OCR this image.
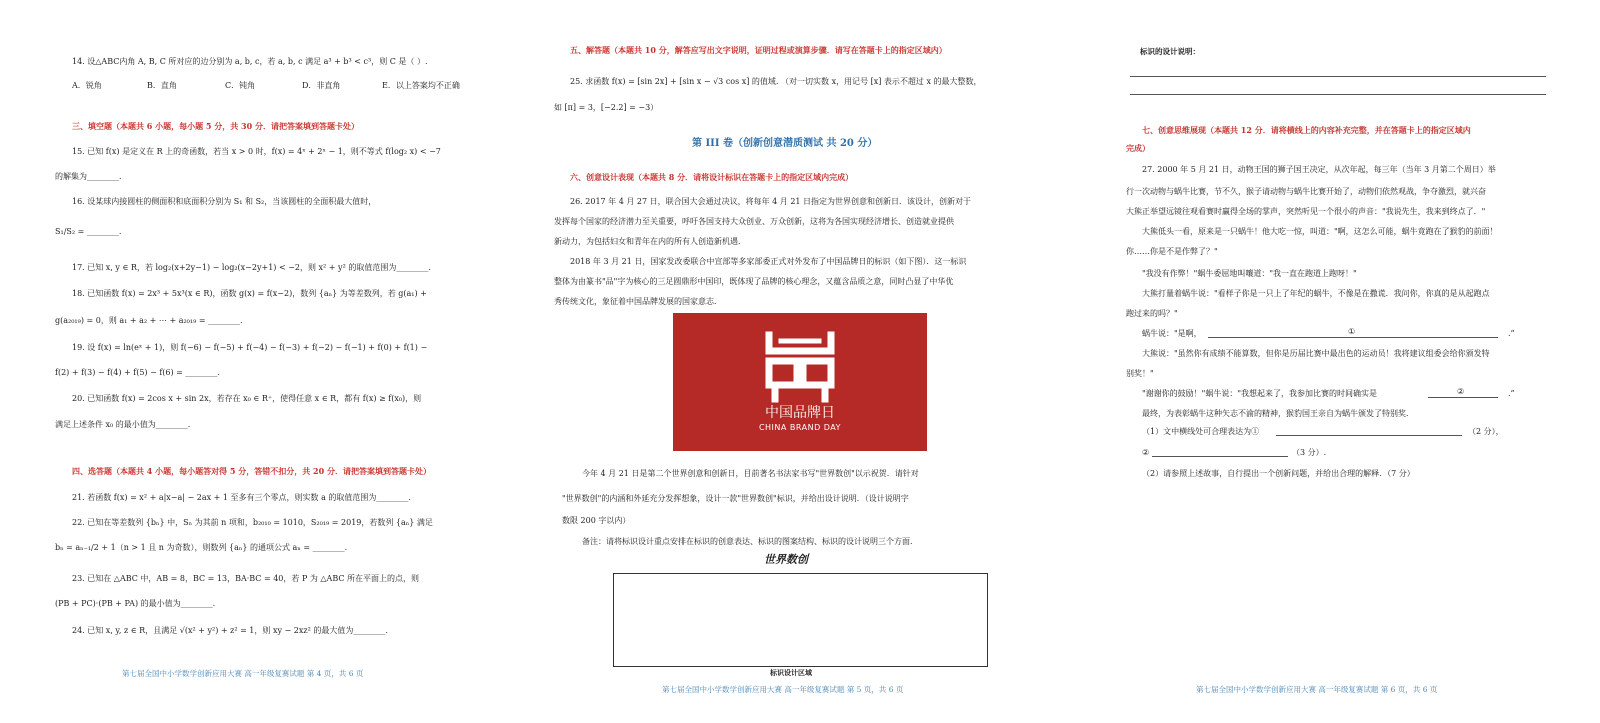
14. 设△ABC内角 A, B, C 所对应的边分别为 a, b, c，若 a, b, c 满足 a³ + b³ < c³，则 C 是（ ）.
A．锐角	B．直角	C．钝角	D．非直角	E．以上答案均不正确
三、填空题（本题共 6 小题，每小题 5 分，共 30 分．请把答案填到答题卡处）
15. 已知 f(x) 是定义在 R 上的奇函数，若当 x > 0 时，f(x) = 4ˣ + 2ˣ − 1，则不等式 f(log₂ x) < −7
的解集为________.
16. 设某球内接圆柱的侧面积和底面积分别为 S₁ 和 S₂，当该圆柱的全面积最大值时，
S₁/S₂ = ________.
17. 已知 x, y ∈ R，若 log₂(x+2y−1) − log₂(x−2y+1) < −2，则 x² + y² 的取值范围为________.
18. 已知函数 f(x) = 2x³ + 5x³(x ∈ R)，函数 g(x) = f(x−2)，数列 {aₙ} 为等差数列，若 g(a₁) +
g(a₂₀₁₉) = 0，则 a₁ + a₂ + ⋯ + a₂₀₁₉ = ________.
19. 设 f(x) = ln(eˣ + 1)，则 f(−6) − f(−5) + f(−4) − f(−3) + f(−2) − f(−1) + f(0) + f(1) −
f(2) + f(3) − f(4) + f(5) − f(6) = ________.
20. 已知函数 f(x) = 2cos x + sin 2x，若存在 x₀ ∈ R⁺，使得任意 x ∈ R，都有 f(x) ≥ f(x₀)，则
满足上述条件 x₀ 的最小值为________.
四、选答题（本题共 4 小题，每小题答对得 5 分，答错不扣分，共 20 分．请把答案填到答题卡处）
21. 若函数 f(x) = x² + a|x−a| − 2ax + 1 至多有三个零点，则实数 a 的取值范围为________.
22. 已知在等差数列 {bₙ} 中，Sₙ 为其前 n 项和，b₂₀₁₀ = 1010，S₂₀₁₉ = 2019，若数列 {aₙ} 满足
bₙ = aₙ₋₁/2 + 1（n > 1 且 n 为奇数），则数列 {aₙ} 的通项公式 aₙ = ________.
23. 已知在 △ABC 中，AB = 8，BC = 13，BA·BC = 40，若 P 为 △ABC 所在平面上的点，则
(PB + PC)·(PB + PA) 的最小值为________.
24. 已知 x, y, z ∈ R，且满足 √(x² + y²) + z² = 1，则 xy − 2xz² 的最大值为________.
第七届全国中小学数学创新应用大赛 高一年级复赛试题 第 4 页，共 6 页
五、解答题（本题共 10 分，解答应写出文字说明，证明过程或演算步骤．请写在答题卡上的指定区域内）
25. 求函数 f(x) = [sin 2x] + [sin x − √3 cos x] 的值域. （对一切实数 x，用记号 [x] 表示不超过 x 的最大整数，
如 [π] = 3，[−2.2] = −3）
第 III 卷（创新创意潜质测试 共 20 分）
六、创意设计表现（本题共 8 分．请将设计标识在答题卡上的指定区域内完成）
26. 2017 年 4 月 27 日，联合国大会通过决议，将每年 4 月 21 日指定为世界创意和创新日．该设计，创新对于
发挥每个国家的经济潜力至关重要，呼吁各国支持大众创业、万众创新，这将为各国实现经济增长、创造就业提供
新动力，为包括妇女和青年在内的所有人创造新机遇．
2018 年 3 月 21 日，国家发改委联合中宣部等多家部委正式对外发布了中国品牌日的标识（如下图）．这一标识
整体为由篆书"品"字为核心的三足圆鼎形中国印，既体现了品牌的核心理念，又蕴含品质之意，同时凸显了中华优
秀传统文化，象征着中国品牌发展的国家意志．
中国品牌日
CHINA BRAND DAY
今年 4 月 21 日是第二个世界创意和创新日，目前著名书法家书写"世界数创"以示祝贺．请针对
"世界数创"的内涵和外延充分发挥想象，设计一款"世界数创"标识，并给出设计说明．（设计说明字
数限 200 字以内）
备注：请将标识设计重点安排在标识的创意表达、标识的图案结构、标识的设计说明三个方面．
世界数创
标识设计区域
第七届全国中小学数学创新应用大赛 高一年级复赛试题 第 5 页，共 6 页
标识的设计说明：
七、创意思维展现（本题共 12 分．请将横线上的内容补充完整，并在答题卡上的指定区域内
完成）
27. 2000 年 5 月 21 日，动物王国的狮子国王决定，从次年起，每三年（当年 3 月第二个周日）举
行一次动物与蜗牛比赛，节不久，猴子请动物与蜗牛比赛开始了，动物们依然观战，争夺激烈，就兴奋
大熊正举望远镜往观看赛时赢得全场的掌声，突然听见一个很小的声音："我说先生，我来到终点了．"
大熊低头一看，原来是一只蜗牛！他大吃一惊，叫道："啊，这怎么可能，蜗牛竟跑在了猴豹的前面！
你……你是不是作弊了？"
"我没有作弊！"蜗牛委屈地叫嚷道："我一直在跑道上跑呀！"
大熊打量着蜗牛说："看样子你是一只上了年纪的蜗牛，不像是在撒谎．我问你，你真的是从起跑点
跑过来的吗？"
蜗牛说："是啊，	①	.”
大熊说："虽然你有成绩不能算数，但你是历届比赛中最出色的运动员！我将建议组委会给你颁发特
别奖！"
"谢谢你的鼓励！"蜗牛说："我想起来了，我参加比赛的时间确实是	②	.”
最终，为表彰蜗牛这种矢志不渝的精神，猴豹国王亲自为蜗牛颁发了特别奖．
（1）文中横线处可合理表达为①	（2 分），
②	（3 分）.
（2）请参照上述故事，自行提出一个创新问题，并给出合理的解释．（7 分）
第七届全国中小学数学创新应用大赛 高一年级复赛试题 第 6 页，共 6 页
